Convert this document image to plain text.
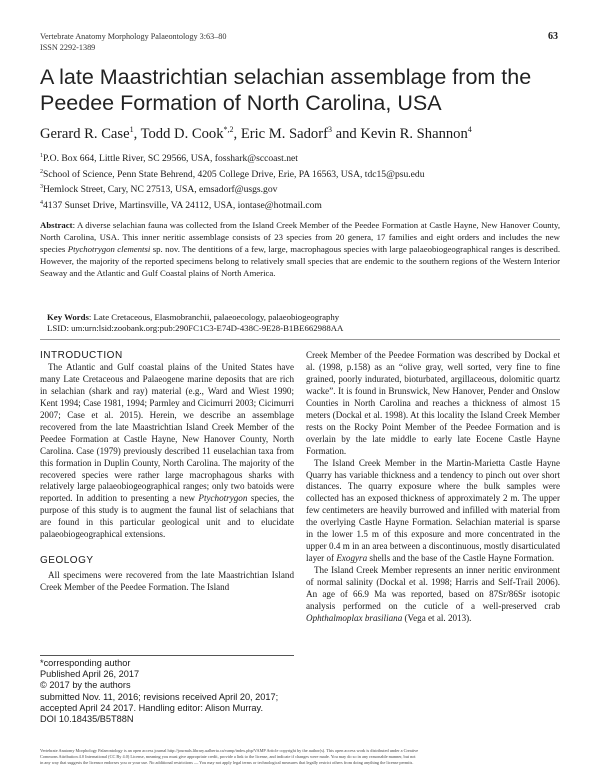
Vertebrate Anatomy Morphology Palaeontology 3:63–80
ISSN 2292-1389
63
A late Maastrichtian selachian assemblage from the Peedee Formation of North Carolina, USA
Gerard R. Case$^1$, Todd D. Cook$^{*,2}$, Eric M. Sadorf$^3$ and Kevin R. Shannon$^4$
$^1$P.O. Box 664, Little River, SC 29566, USA, fosshark@sccoast.net
$^2$School of Science, Penn State Behrend, 4205 College Drive, Erie, PA 16563, USA, tdc15@psu.edu
$^3$Hemlock Street, Cary, NC 27513, USA, emsadorf@usgs.gov
$^4$4137 Sunset Drive, Martinsville, VA 24112, USA, iontase@hotmail.com
Abstract: A diverse selachian fauna was collected from the Island Creek Member of the Peedee Formation at Castle Hayne, New Hanover County, North Carolina, USA. This inner neritic assemblage consists of 23 species from 20 genera, 17 families and eight orders and includes the new species Ptychotrygon clementsi sp. nov. The dentitions of a few, large, macrophagous species with large palaeobiogeographical ranges is described. However, the majority of the reported specimens belong to relatively small species that are endemic to the southern regions of the Western Interior Seaway and the Atlantic and Gulf Coastal plains of North America.
Key Words: Late Cretaceous, Elasmobranchii, palaeoecology, palaeobiogeography
LSID: um:urn:lsid:zoobank.org:pub:290FC1C3-E74D-438C-9E28-B1BE662988AA

INTRODUCTION

The Atlantic and Gulf coastal plains of the United States have many Late Cretaceous and Palaeogene marine deposits that are rich in selachian (shark and ray) material (e.g., Ward and Wiest 1990; Kent 1994; Case 1981, 1994; Parmley and Cicimurri 2003; Cicimurri 2007; Case et al. 2015). Herein, we describe an assemblage recovered from the late Maastrichtian Island Creek Member of the Peedee Formation at Castle Hayne, New Hanover County, North Carolina. Case (1979) previously described 11 euselachian taxa from this formation in Duplin County, North Carolina. The majority of the recovered species were rather large macrophagous sharks with relatively large palaeobiogeographical ranges; only two batoids were reported. In addition to presenting a new Ptychotrygon species, the purpose of this study is to augment the faunal list of selachians that are found in this particular geological unit and to elucidate palaeobiogeographical extensions.

GEOLOGY

All specimens were recovered from the late Maastrichtian Island Creek Member of the Peedee Formation. The Island

Creek Member of the Peedee Formation was described by Dockal et al. (1998, p.158) as an “olive gray, well sorted, very fine to fine grained, poorly indurated, bioturbated, argillaceous, dolomitic quartz wacke”. It is found in Brunswick, New Hanover, Pender and Onslow Counties in North Carolina and reaches a thickness of almost 15 meters (Dockal et al. 1998). At this locality the Island Creek Member rests on the Rocky Point Member of the Peedee Formation and is overlain by the late middle to early late Eocene Castle Hayne Formation.

The Island Creek Member in the Martin-Marietta Castle Hayne Quarry has variable thickness and a tendency to pinch out over short distances. The quarry exposure where the bulk samples were collected has an exposed thickness of approximately 2 m. The upper few centimeters are heavily burrowed and infilled with material from the overlying Castle Hayne Formation. Selachian material is sparse in the lower 1.5 m of this exposure and more concentrated in the upper 0.4 m in an area between a discontinuous, mostly disarticulated layer of Exogyra shells and the base of the Castle Hayne Formation.

The Island Creek Member represents an inner neritic environment of normal salinity (Dockal et al. 1998; Harris and Self-Trail 2006). An age of 66.9 Ma was reported, based on 87Sr/86Sr isotopic analysis performed on the cuticle of a well-preserved crab Ophthalmoplax brasiliana (Vega et al. 2013).

*corresponding author
Published April 26, 2017
© 2017 by the authors
submitted Nov. 11, 2016; revisions received April 20, 2017;
accepted April 24 2017. Handling editor: Alison Murray.
DOI 10.18435/B5T88N
Vertebrate Anatomy Morphology Palaeontology is an open access journal http://journals.library.ualberta.ca/vamp/index.php/VAMP Article copyright by the author(s). This open access work is distributed under a Creative
Commons Attribution 4.0 International (CC By 4.0) License, meaning you must give appropriate credit, provide a link to the license, and indicate if changes were made. You may do so in any reasonable manner, but not
in any way that suggests the licensor endorses you or your use. No additional restrictions — You may not apply legal terms or technological measures that legally restrict others from doing anything the license permits.
